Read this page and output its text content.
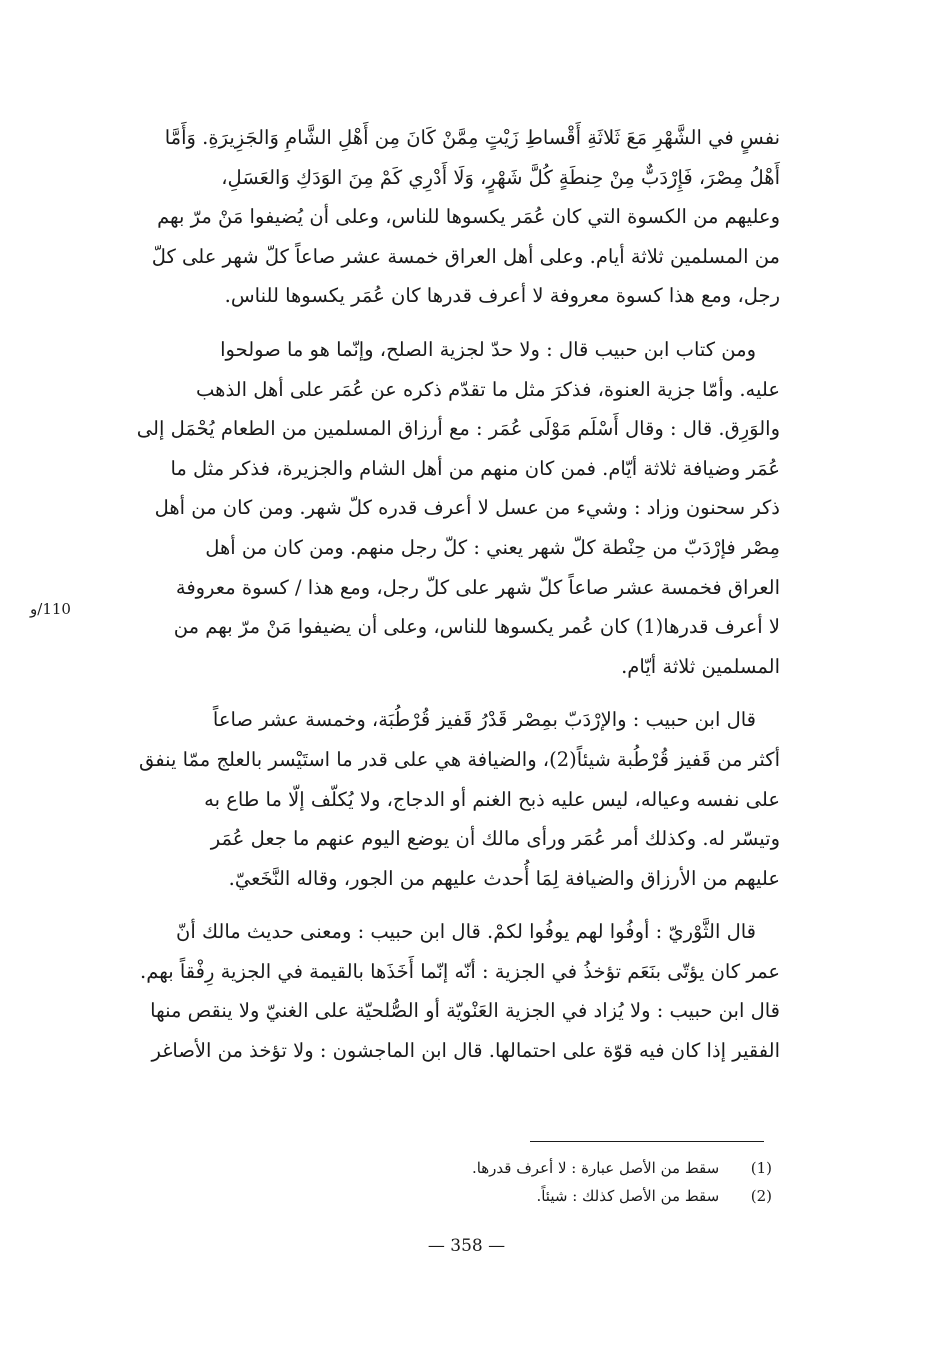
نفسٍ في الشَّهْرِ مَعَ ثَلاثَةِ أَقْساطِ زَيْتٍ مِمَّنْ كَانَ مِن أَهْلِ الشَّامِ وَالجَزِيرَةِ. وَأَمَّا
أَهْلُ مِصْرَ، فَإِرْدَبٌّ مِنْ حِنطَةٍ كُلَّ شَهْرٍ، وَلَا أَدْرِي كَمْ مِنَ الوَدَكِ وَالعَسَلِ،
وعليهم من الكسوة التي كان عُمَر يكسوها للناس، وعلى أن يُضيفوا مَنْ مرّ بهم
من المسلمين ثلاثة أيام. وعلى أهل العراق خمسة عشر صاعاً كلّ شهر على كلّ
رجل، ومع هذا كسوة معروفة لا أعرف قدرها كان عُمَر يكسوها للناس.

ومن كتاب ابن حبيب قال : ولا حدّ لجزية الصلح، وإنّما هو ما صولحوا
عليه. وأمّا جزية العنوة، فذكرَ مثل ما تقدّم ذكره عن عُمَر على أهل الذهب
والوَرِق. قال : وقال أَسْلَم مَوْلَى عُمَر : مع أرزاق المسلمين من الطعام يُحْمَل إلى
عُمَر وضيافة ثلاثة أيّام. فمن كان منهم من أهل الشام والجزيرة، فذكر مثل ما
ذكر سحنون وزاد : وشيء من عسل لا أعرف قدره كلّ شهر. ومن كان من أهل
مِصْر فإرْدَبّ من حِنْطة كلّ شهر يعني : كلّ رجل منهم. ومن كان من أهل
العراق فخمسة عشر صاعاً كلّ شهر على كلّ رجل، ومع هذا / كسوة معروفة
لا أعرف قدرها(1) كان عُمر يكسوها للناس، وعلى أن يضيفوا مَنْ مرّ بهم من
المسلمين ثلاثة أيّام.

قال ابن حبيب : والإرْدَبّ بمِصْر قَدْرُ قَفيز قُرْطُبَة، وخمسة عشر صاعاً
أكثر من قَفيز قُرْطُبة شيئاً(2)، والضيافة هي على قدر ما استَيْسر بالعلج ممّا ينفق
على نفسه وعياله، ليس عليه ذبح الغنم أو الدجاج، ولا يُكلّف إلّا ما طاع به
وتيسّر له. وكذلك أمر عُمَر ورأى مالك أن يوضع اليوم عنهم ما جعل عُمَر
عليهم من الأرزاق والضيافة لِمَا أُحدث عليهم من الجور، وقاله النَّخَعيّ.

قال الثَّوْريّ : أوفُوا لهم يوفُوا لكمْ. قال ابن حبيب : ومعنى حديث مالك أنّ
عمر كان يؤتّى بنَعَم تؤخذُ في الجزية : أنّه إنّما أَخَذَها بالقيمة في الجزية رِفْقاً بهم.
قال ابن حبيب : ولا يُزاد في الجزية العَنْويّة أو الصُّلحيّة على الغنيّ ولا ينقص منها
الفقير إذا كان فيه قوّة على احتمالها. قال ابن الماجشون : ولا تؤخذ من الأصاغر

110/و
(1) سقط من الأصل عبارة : لا أعرف قدرها.
(2) سقط من الأصل كذلك : شيئاً.
— 358 —
